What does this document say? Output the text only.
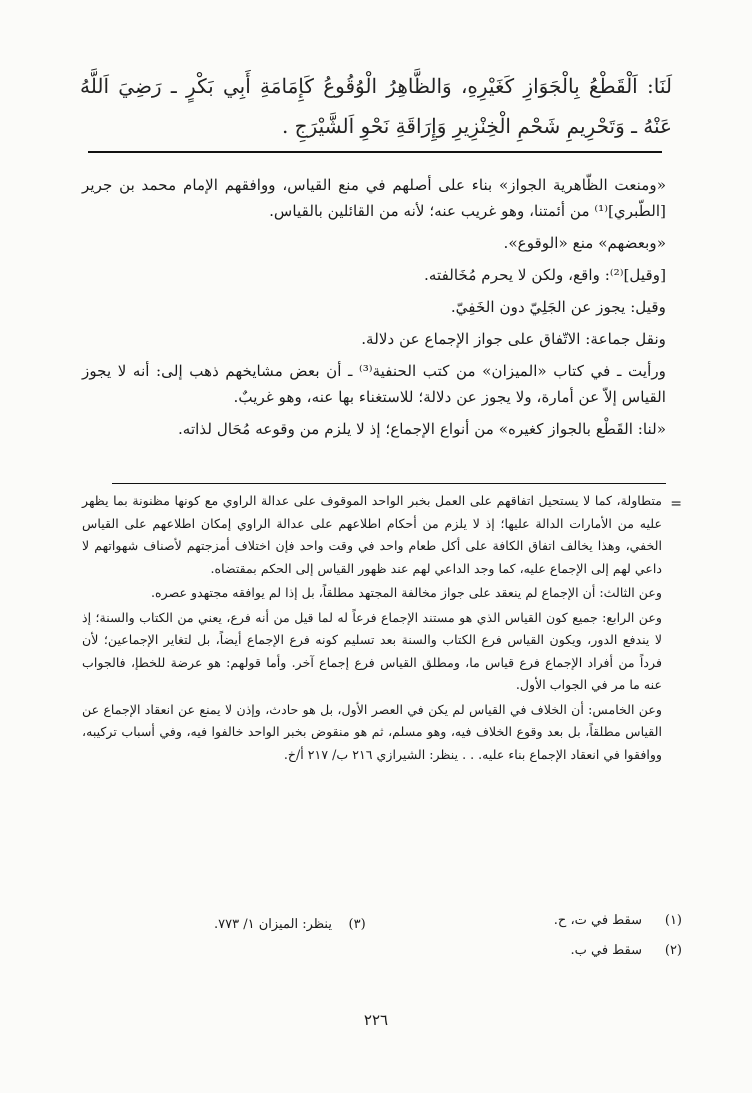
لَنَا: اَلْقَطْعُ بِالْجَوَازِ كَغَيْرِهِ، وَالظَّاهِرُ الْوُقُوعُ كَإِمَامَةِ أَبِي بَكْرٍ ـ رَضِيَ اَللَّهُ عَنْهُ ـ وَتَحْرِيمِ شَحْمِ الْخِنْزِيرِ وَإِرَاقَةِ نَحْوِ اَلشَّيْرَجِ .

«ومنعت الظّاهرية الجواز» بناء على أصلهم في منع القياس، ووافقهم الإمام محمد بن جرير [الطّبري]⁽¹⁾ من أئمتنا، وهو غريب عنه؛ لأنه من القائلين بالقياس.

«وبعضهم» منع «الوقوع».

[وقيل]⁽²⁾: واقع، ولكن لا يحرم مُخَالفته.

وقيل: يجوز عن الجَلِيّ دون الخَفِيّ.

ونقل جماعة: الاتّفاق على جواز الإجماع عن دلالة.

ورأيت ـ في كتاب «الميزان» من كتب الحنفية⁽³⁾ ـ أن بعض مشايخهم ذهب إلى: أنه لا يجوز القياس إلاّ عن أمارة، ولا يجوز عن دلالة؛ للاستغناء بها عنه، وهو غريبٌ.

«لنا: القَطْع بالجواز كغيره» من أنواع الإجماع؛ إذ لا يلزم من وقوعه مُحَال لذاته.

=

متطاولة، كما لا يستحيل اتفاقهم على العمل بخبر الواحد الموقوف على عدالة الراوي مع كونها مظنونة بما يظهر عليه من الأمارات الدالة عليها؛ إذ لا يلزم من أحكام اطلاعهم على عدالة الراوي إمكان اطلاعهم على القياس الخفي، وهذا يخالف اتفاق الكافة على أكل طعام واحد في وقت واحد فإن اختلاف أمزجتهم لأصناف شهواتهم لا داعي لهم إلى الإجماع عليه، كما وجد الداعي لهم عند ظهور القياس إلى الحكم بمقتضاه.

وعن الثالث: أن الإجماع لم ينعقد على جواز مخالفة المجتهد مطلقاً، بل إذا لم يوافقه مجتهدو عصره.

وعن الرابع: جميع كون القياس الذي هو مستند الإجماع فرعاً له لما قيل من أنه فرع، يعني من الكتاب والسنة؛ إذ لا يندفع الدور، ويكون القياس فرع الكتاب والسنة بعد تسليم كونه فرع الإجماع أيضاً، بل لتغاير الإجماعين؛ لأن فرداً من أفراد الإجماع فرع قياس ما، ومطلق القياس فرع إجماع آخر. وأما قولهم: هو عرضة للخطإ، فالجواب عنه ما مر في الجواب الأول.

وعن الخامس: أن الخلاف في القياس لم يكن في العصر الأول، بل هو حادث، وإذن لا يمنع عن انعقاد الإجماع عن القياس مطلقاً، بل بعد وقوع الخلاف فيه، وهو مسلم، ثم هو منقوض بخبر الواحد خالفوا فيه، وفي أسباب تركيبه، ووافقوا في انعقاد الإجماع بناء عليه. . . ينظر: الشيرازي ٢١٦ ب/ ٢١٧ أ/خ.

(١)سقط في ت، ح.
(٣)    ينظر: الميزان ١/ ٧٧٣.
(٢)سقط في ب.
٢٢٦
